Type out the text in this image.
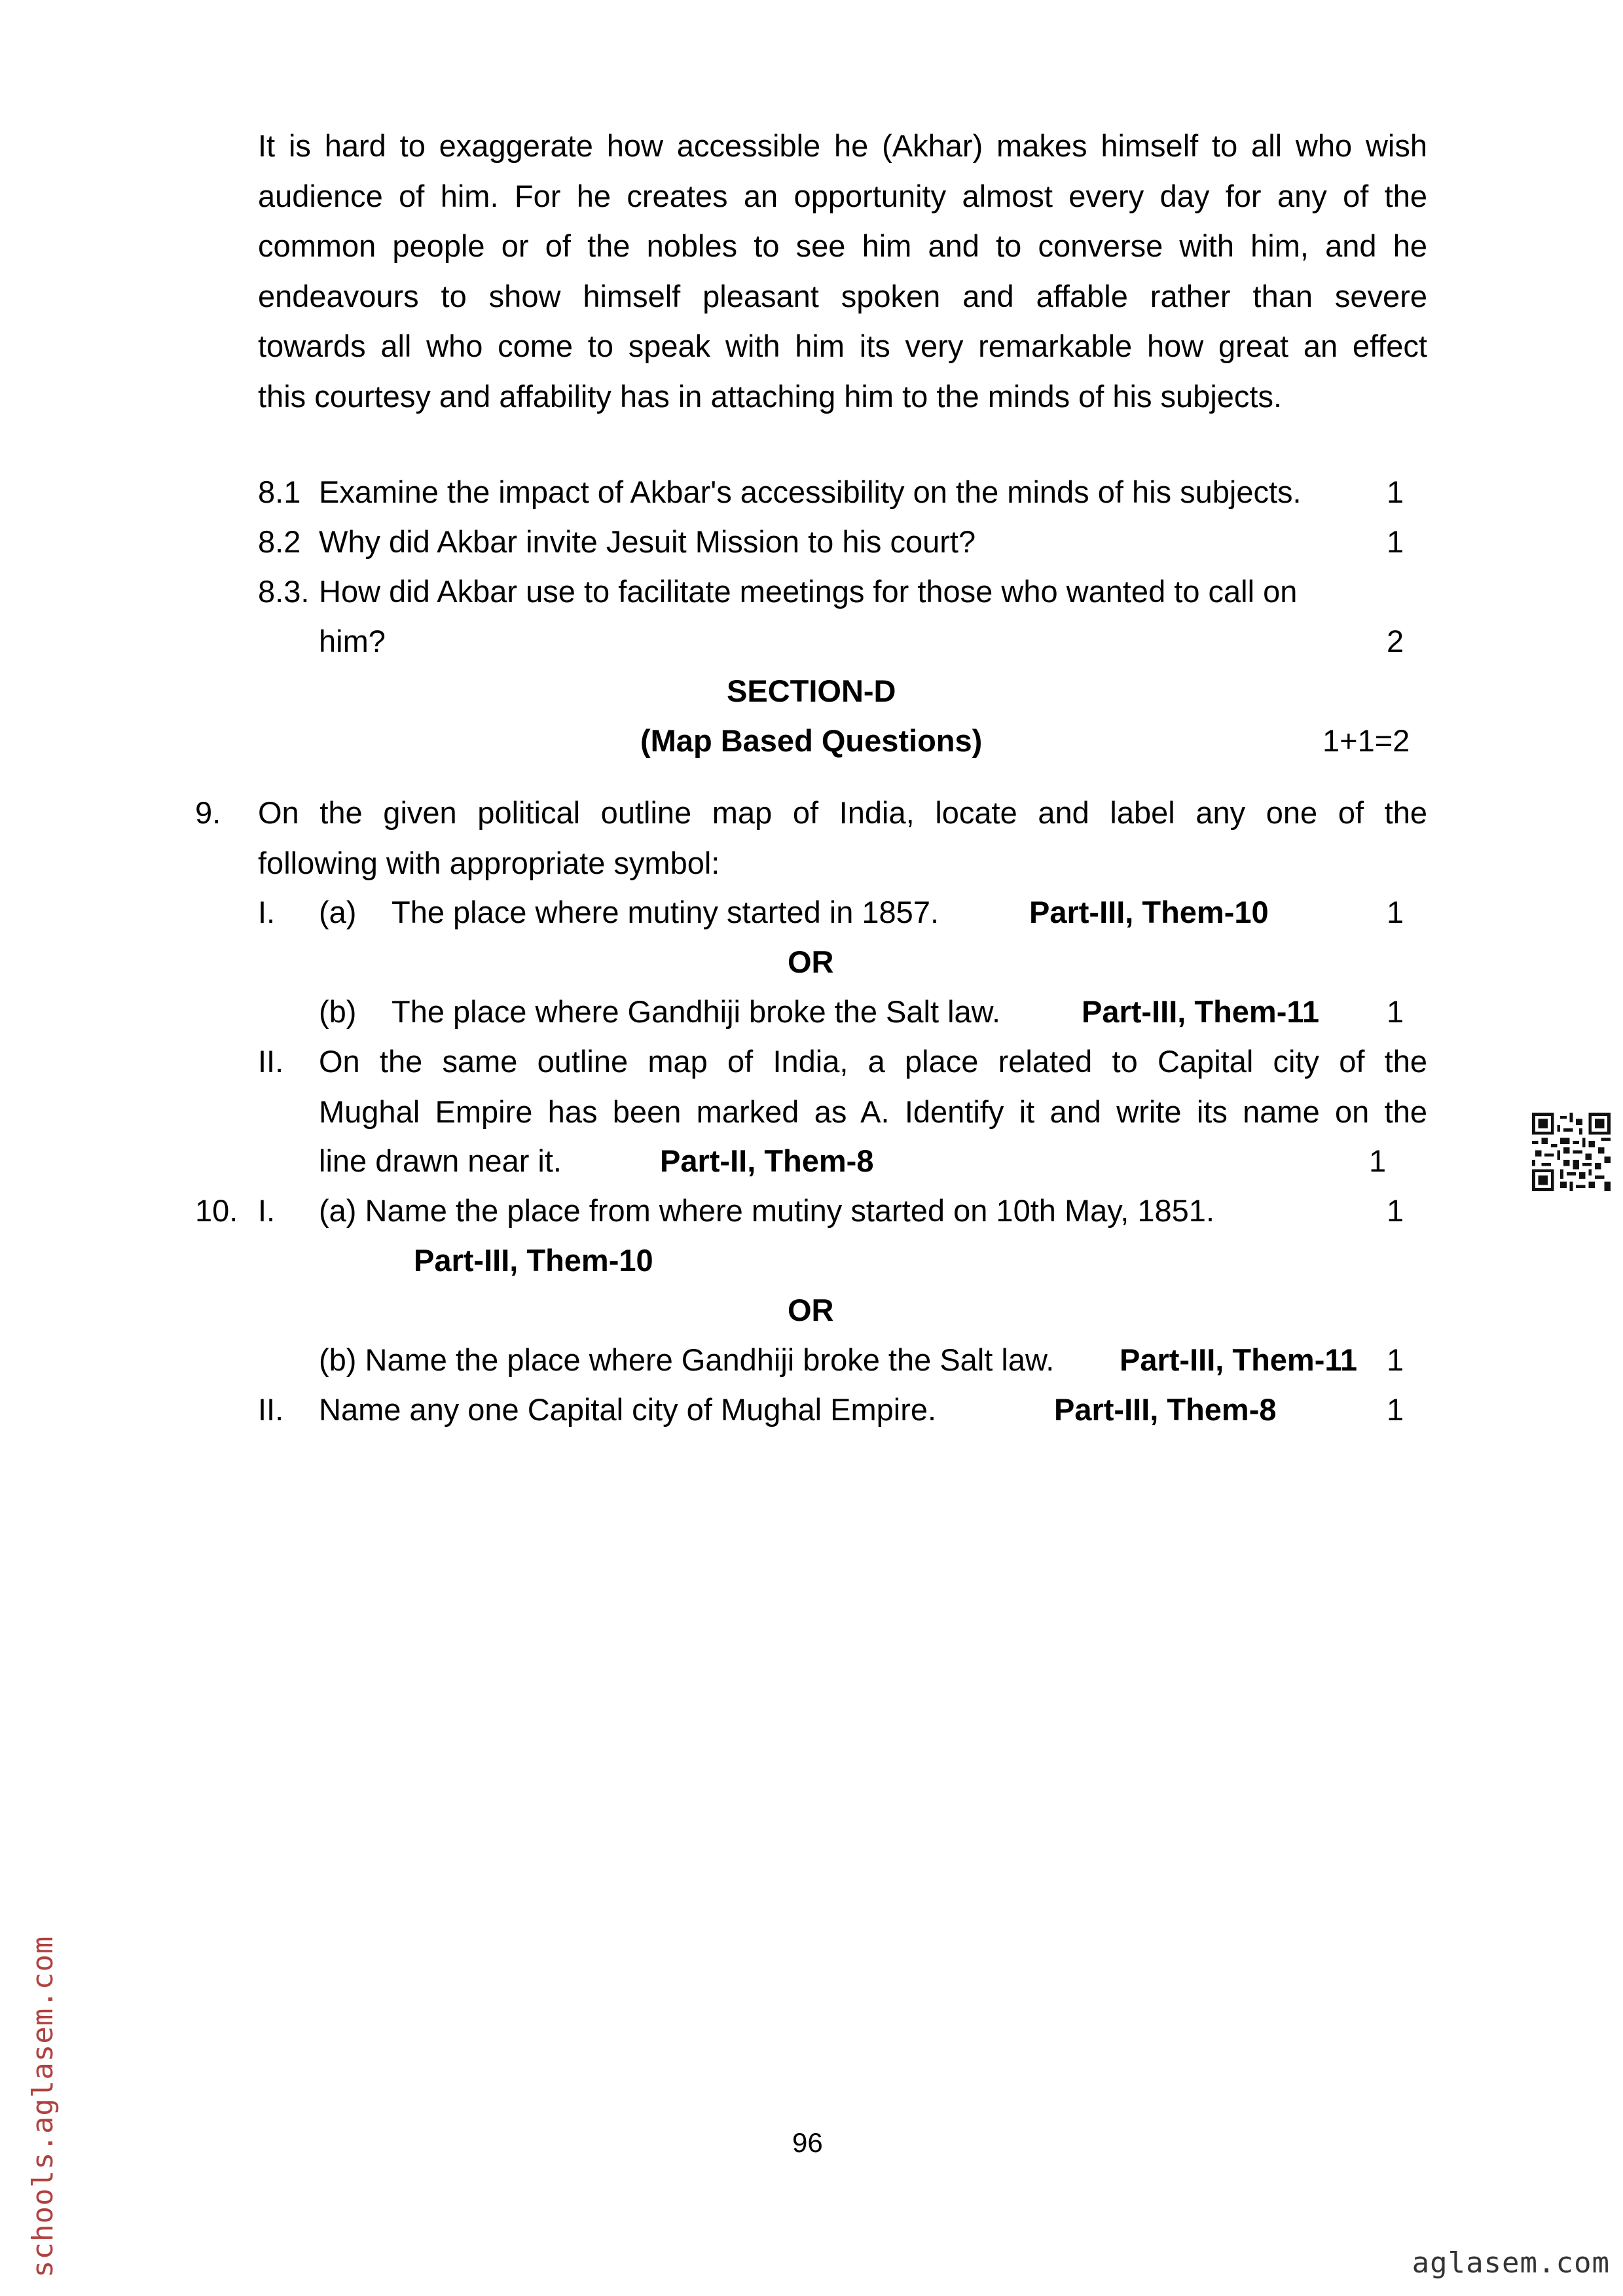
It is hard to exaggerate how accessible he (Akhar) makes himself to all who wish
audience of him. For he creates an opportunity almost every day for any of the
common people or of the nobles to see him and to converse with him, and he
endeavours to show himself pleasant spoken and affable rather than severe
towards all who come to speak with him its very remarkable how great an effect
this courtesy and affability has in attaching him to the minds of his subjects.
8.1 Examine the impact of Akbar's accessibility on the minds of his subjects.	1
8.2 Why did Akbar invite Jesuit Mission to his court?	1
8.3. How did Akbar use to facilitate meetings for those who wanted to call on
him?	2
SECTION-D
(Map Based Questions)	1+1=2
9. On the given political outline map of India, locate and label any one of the
following with appropriate symbol:
I. (a) The place where mutiny started in 1857.	Part-III, Them-10	1
OR
(b) The place where Gandhiji broke the Salt law.	Part-III, Them-11 1
II. On the same outline map of India, a place related to Capital city of the
Mughal Empire has been marked as A. Identify it and write its name on the
line drawn near it.	Part-II, Them-8	1
10. I. (a) Name the place from where mutiny started on 10th May, 1851.	1
Part-III, Them-10
OR
(b) Name the place where Gandhiji broke the Salt law. Part-III, Them-11 1
II. Name any one Capital city of Mughal Empire.	Part-III, Them-8	1
96
schools.aglasem.com	aglasem.com
